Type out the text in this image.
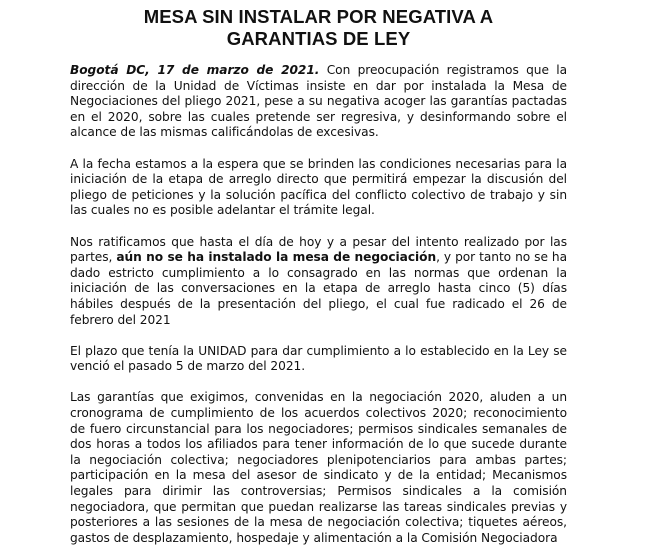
MESA SIN INSTALAR POR NEGATIVA A
GARANTIAS DE LEY

Bogotá DC, 17 de marzo de 2021. Con preocupación registramos que la dirección de la Unidad de Víctimas insiste en dar por instalada la Mesa de Negociaciones del pliego 2021, pese a su negativa acoger las garantías pactadas en el 2020, sobre las cuales pretende ser regresiva, y desinformando sobre el alcance de las mismas calificándolas de excesivas.

A la fecha estamos a la espera que se brinden las condiciones necesarias para la iniciación de la etapa de arreglo directo que permitirá empezar la discusión del pliego de peticiones y la solución pacífica del conflicto colectivo de trabajo y sin las cuales no es posible adelantar el trámite legal.

Nos ratificamos que hasta el día de hoy y a pesar del intento realizado por las partes, aún no se ha instalado la mesa de negociación, y por tanto no se ha dado estricto cumplimiento a lo consagrado en las normas que ordenan la iniciación de las conversaciones en la etapa de arreglo hasta cinco (5) días hábiles después de la presentación del pliego, el cual fue radicado el 26 de febrero del 2021

El plazo que tenía la UNIDAD para dar cumplimiento a lo establecido en la Ley se venció el pasado 5 de marzo del 2021.

Las garantías que exigimos, convenidas en la negociación 2020, aluden a un cronograma de cumplimiento de los acuerdos colectivos 2020; reconocimiento de fuero circunstancial para los negociadores; permisos sindicales semanales de dos horas a todos los afiliados para tener información de lo que sucede durante la negociación colectiva; negociadores plenipotenciarios para ambas partes; participación en la mesa del asesor de sindicato y de la entidad; Mecanismos legales para dirimir las controversias; Permisos sindicales a la comisión negociadora, que permitan que puedan realizarse las tareas sindicales previas y posteriores a las sesiones de la mesa de negociación colectiva; tiquetes aéreos, gastos de desplazamiento, hospedaje y alimentación a la Comisión Negociadora
